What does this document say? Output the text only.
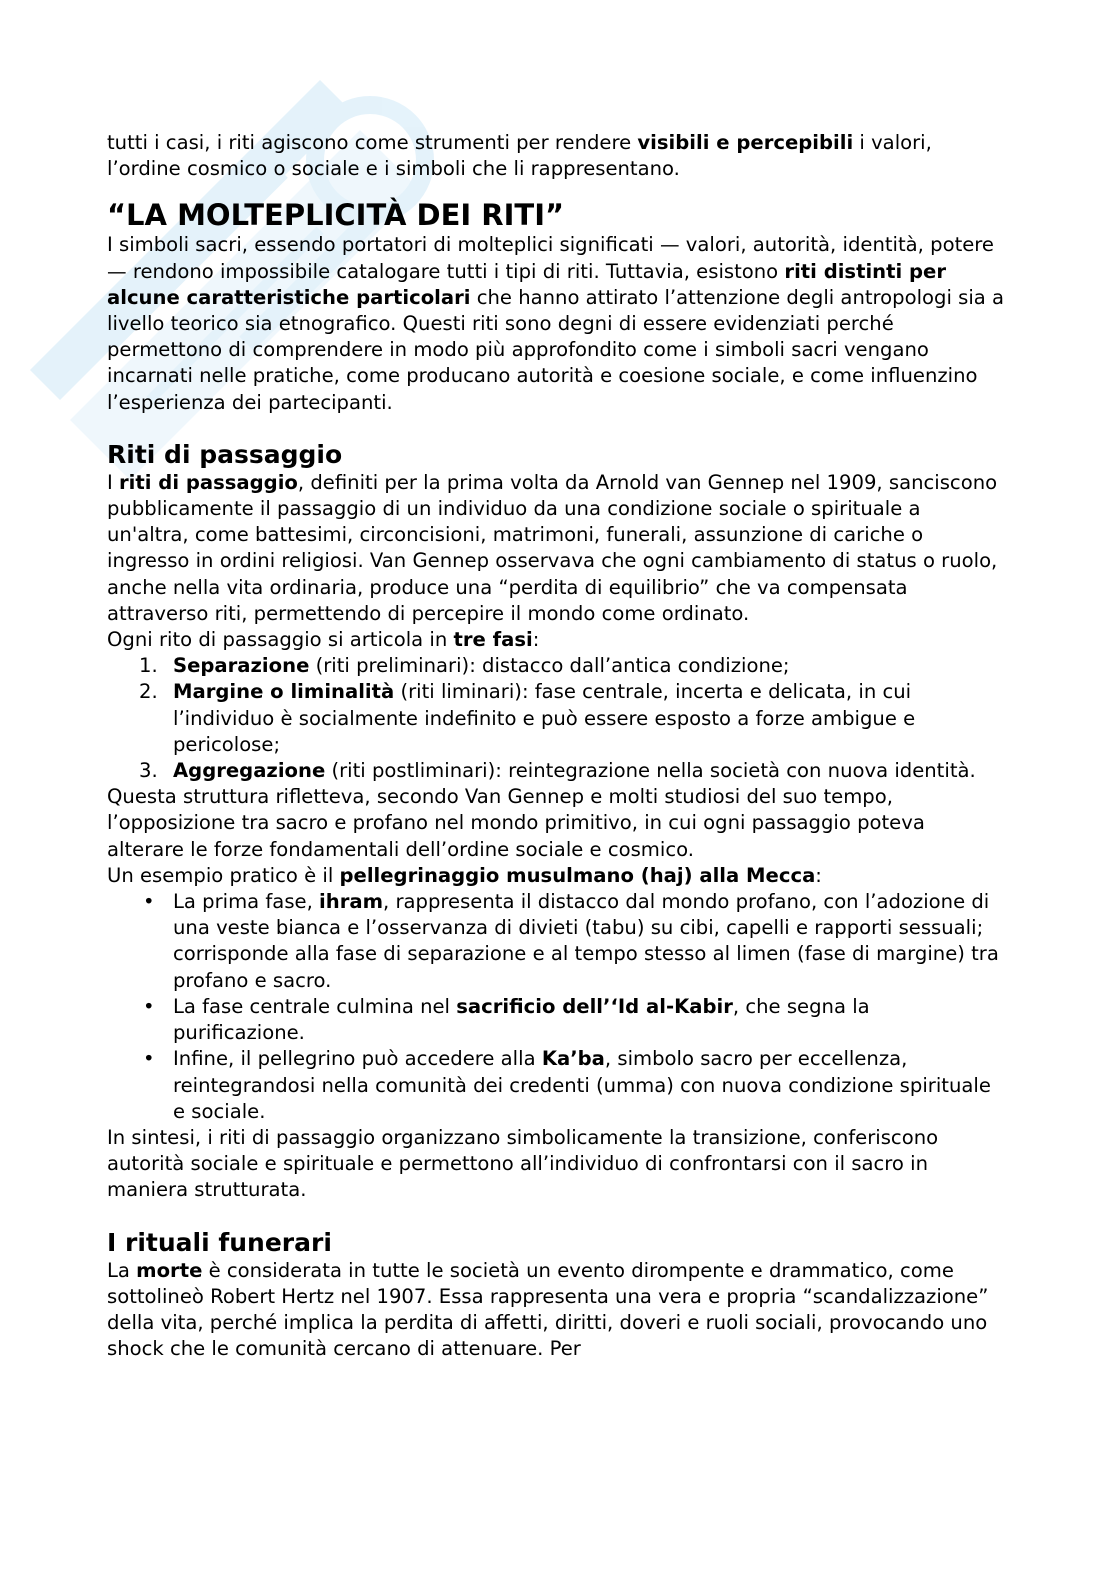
tutti i casi, i riti agiscono come strumenti per rendere visibili e percepibili i valori, l’ordine cosmico o sociale e i simboli che li rappresentano.

“LA MOLTEPLICITÀ DEI RITI”

I simboli sacri, essendo portatori di molteplici significati — valori, autorità, identità, potere — rendono impossibile catalogare tutti i tipi di riti. Tuttavia, esistono riti distinti per alcune caratteristiche particolari che hanno attirato l’attenzione degli antropologi sia a livello teorico sia etnografico. Questi riti sono degni di essere evidenziati perché permettono di comprendere in modo più approfondito come i simboli sacri vengano incarnati nelle pratiche, come producano autorità e coesione sociale, e come influenzino l’esperienza dei partecipanti.

Riti di passaggio

I riti di passaggio, definiti per la prima volta da Arnold van Gennep nel 1909, sanciscono pubblicamente il passaggio di un individuo da una condizione sociale o spirituale a un'altra, come battesimi, circoncisioni, matrimoni, funerali, assunzione di cariche o ingresso in ordini religiosi. Van Gennep osservava che ogni cambiamento di status o ruolo, anche nella vita ordinaria, produce una “perdita di equilibrio” che va compensata attraverso riti, permettendo di percepire il mondo come ordinato.

Ogni rito di passaggio si articola in tre fasi:

1. Separazione (riti preliminari): distacco dall’antica condizione;
2. Margine o liminalità (riti liminari): fase centrale, incerta e delicata, in cui l’individuo è socialmente indefinito e può essere esposto a forze ambigue e pericolose;
3. Aggregazione (riti postliminari): reintegrazione nella società con nuova identità.

Questa struttura rifletteva, secondo Van Gennep e molti studiosi del suo tempo, l’opposizione tra sacro e profano nel mondo primitivo, in cui ogni passaggio poteva alterare le forze fondamentali dell’ordine sociale e cosmico.

Un esempio pratico è il pellegrinaggio musulmano (haj) alla Mecca:

• La prima fase, ihram, rappresenta il distacco dal mondo profano, con l’adozione di una veste bianca e l’osservanza di divieti (tabu) su cibi, capelli e rapporti sessuali; corrisponde alla fase di separazione e al tempo stesso al limen (fase di margine) tra profano e sacro.
• La fase centrale culmina nel sacrificio dell’‘Id al-Kabir, che segna la purificazione.
• Infine, il pellegrino può accedere alla Ka’ba, simbolo sacro per eccellenza, reintegrandosi nella comunità dei credenti (umma) con nuova condizione spirituale e sociale.

In sintesi, i riti di passaggio organizzano simbolicamente la transizione, conferiscono autorità sociale e spirituale e permettono all’individuo di confrontarsi con il sacro in maniera strutturata.

I rituali funerari

La morte è considerata in tutte le società un evento dirompente e drammatico, come sottolineò Robert Hertz nel 1907. Essa rappresenta una vera e propria “scandalizzazione” della vita, perché implica la perdita di affetti, diritti, doveri e ruoli sociali, provocando uno shock che le comunità cercano di attenuare. Per
